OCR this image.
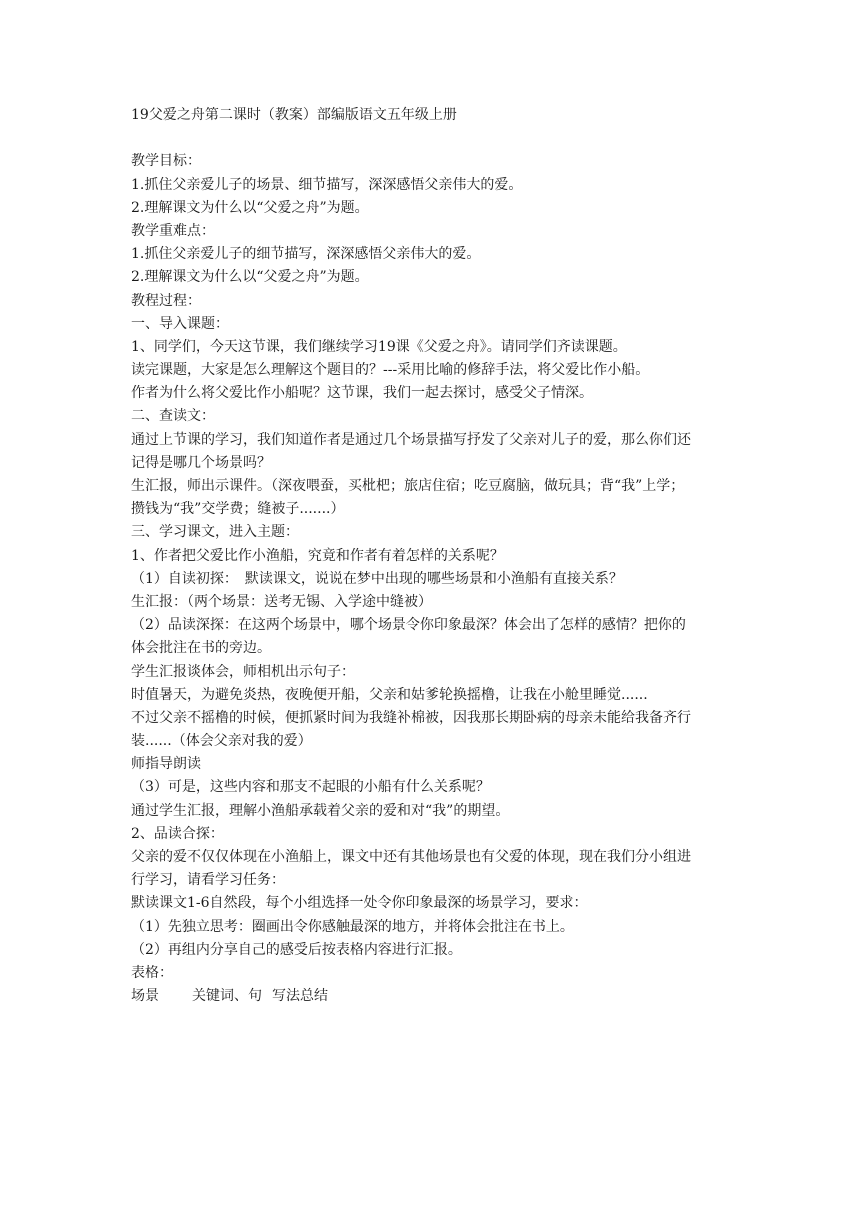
19父爱之舟第二课时（教案）部编版语文五年级上册
教学目标：
1.抓住父亲爱儿子的场景、细节描写，深深感悟父亲伟大的爱。
2.理解课文为什么以“父爱之舟”为题。
教学重难点：
1.抓住父亲爱儿子的细节描写，深深感悟父亲伟大的爱。
2.理解课文为什么以“父爱之舟”为题。
教程过程：
一、导入课题：
1、同学们，今天这节课，我们继续学习19课《父爱之舟》。请同学们齐读课题。
读完课题，大家是怎么理解这个题目的？---采用比喻的修辞手法，将父爱比作小船。
作者为什么将父爱比作小船呢？这节课，我们一起去探讨，感受父子情深。
二、查读文：
通过上节课的学习，我们知道作者是通过几个场景描写抒发了父亲对儿子的爱，那么你们还
记得是哪几个场景吗？
生汇报，师出示课件。（深夜喂蚕，买枇杷；旅店住宿；吃豆腐脑，做玩具；背“我”上学；
攒钱为“我”交学费；缝被子.......）
三、学习课文，进入主题：
1、作者把父爱比作小渔船，究竟和作者有着怎样的关系呢？
（1）自读初探：　默读课文，说说在梦中出现的哪些场景和小渔船有直接关系？
生汇报：（两个场景：送考无锡、入学途中缝被）
（2）品读深探：在这两个场景中，哪个场景令你印象最深？体会出了怎样的感情？把你的
体会批注在书的旁边。
学生汇报谈体会，师相机出示句子：
时值暑天，为避免炎热，夜晚便开船，父亲和姑爹轮换摇橹，让我在小舱里睡觉......
不过父亲不摇橹的时候，便抓紧时间为我缝补棉被，因我那长期卧病的母亲未能给我备齐行
装......（体会父亲对我的爱）
师指导朗读
（3）可是，这些内容和那支不起眼的小船有什么关系呢？
通过学生汇报，理解小渔船承载着父亲的爱和对“我”的期望。
2、品读合探：
父亲的爱不仅仅体现在小渔船上，课文中还有其他场景也有父爱的体现，现在我们分小组进
行学习，请看学习任务：
默读课文1-6自然段，每个小组选择一处令你印象最深的场景学习，要求：
（1）先独立思考：圈画出令你感触最深的地方，并将体会批注在书上。
（2）再组内分享自己的感受后按表格内容进行汇报。
表格：
场景	关键词、句 写法总结
